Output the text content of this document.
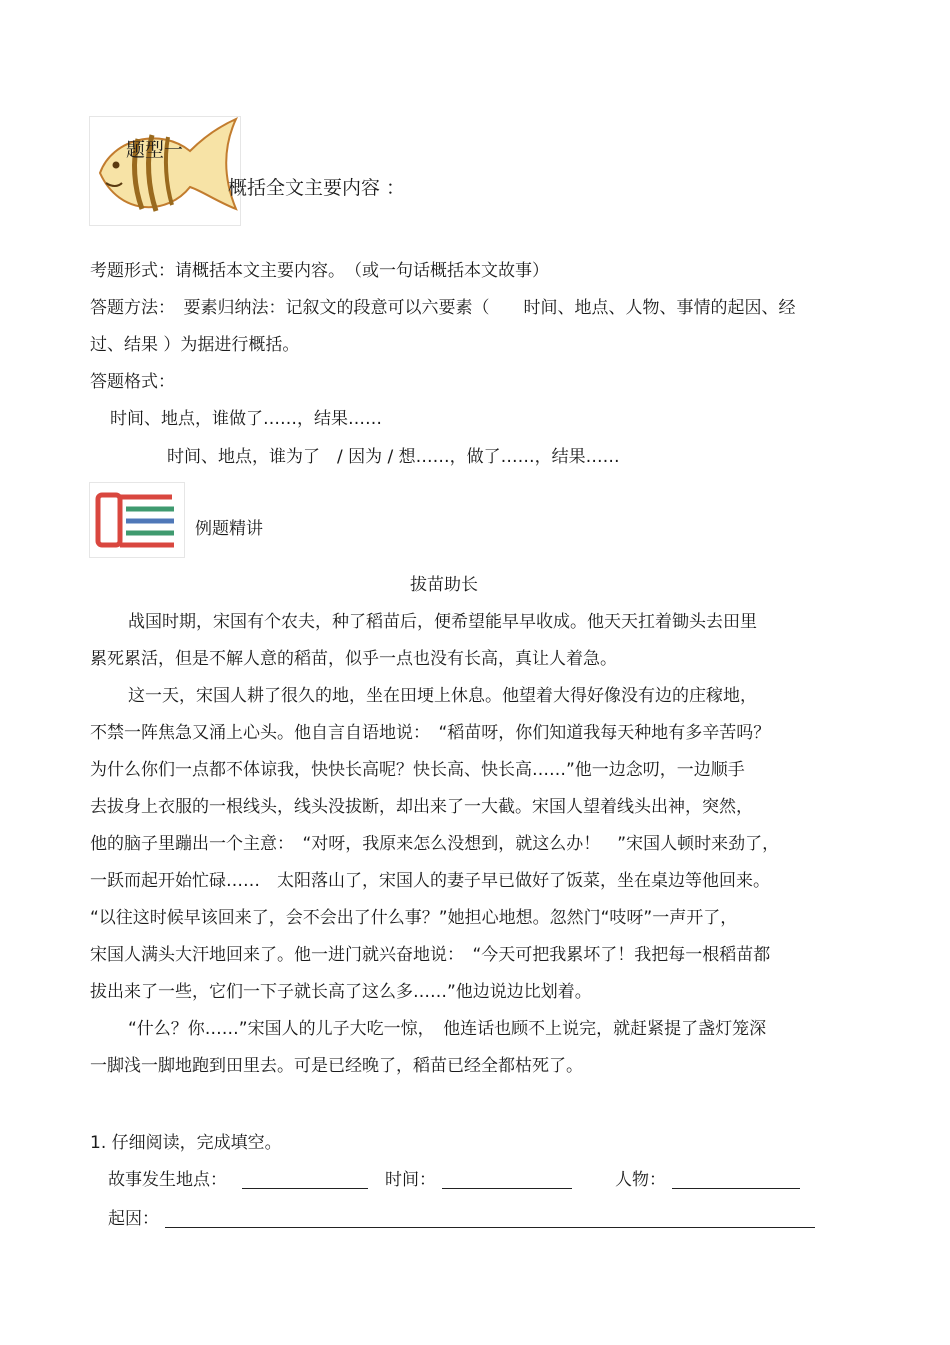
题型一
概括全文主要内容 ：
考题形式：请概括本文主要内容。　（或一句话概括本文故事）
答题方法：　要素归纳法：记叙文的段意可以六要素（　　时间、地点、人物、事情的起因、经
过、结果 ）为据进行概括。
答题格式：
时间、地点，谁做了……，结果……
时间、地点，谁为了　/ 因为 / 想……，做了……，结果……
例题精讲
拔苗助长
战国时期，宋国有个农夫，种了稻苗后，便希望能早早收成。他天天扛着锄头去田里
累死累活，但是不解人意的稻苗，似乎一点也没有长高，真让人着急。
这一天，宋国人耕了很久的地，坐在田埂上休息。他望着大得好像没有边的庄稼地，
不禁一阵焦急又涌上心头。他自言自语地说：　“稻苗呀，你们知道我每天种地有多辛苦吗？
为什么你们一点都不体谅我，快快长高呢？快长高、快长高……”他一边念叨，一边顺手
去拔身上衣服的一根线头，线头没拔断，却出来了一大截。宋国人望着线头出神，突然，
他的脑子里蹦出一个主意：　“对呀，我原来怎么没想到，就这么办！　”宋国人顿时来劲了，
一跃而起开始忙碌……　太阳落山了，宋国人的妻子早已做好了饭菜，坐在桌边等他回来。
“以往这时候早该回来了，会不会出了什么事？”她担心地想。忽然门“吱呀”一声开了，
宋国人满头大汗地回来了。他一进门就兴奋地说：　“今天可把我累坏了！我把每一根稻苗都
拔出来了一些，它们一下子就长高了这么多……”他边说边比划着。
“什么？你……”宋国人的儿子大吃一惊，　他连话也顾不上说完，就赶紧提了盏灯笼深
一脚浅一脚地跑到田里去。可是已经晚了，稻苗已经全都枯死了。
1. 仔细阅读，完成填空。
故事发生地点：	时间：	人物：
起因：
